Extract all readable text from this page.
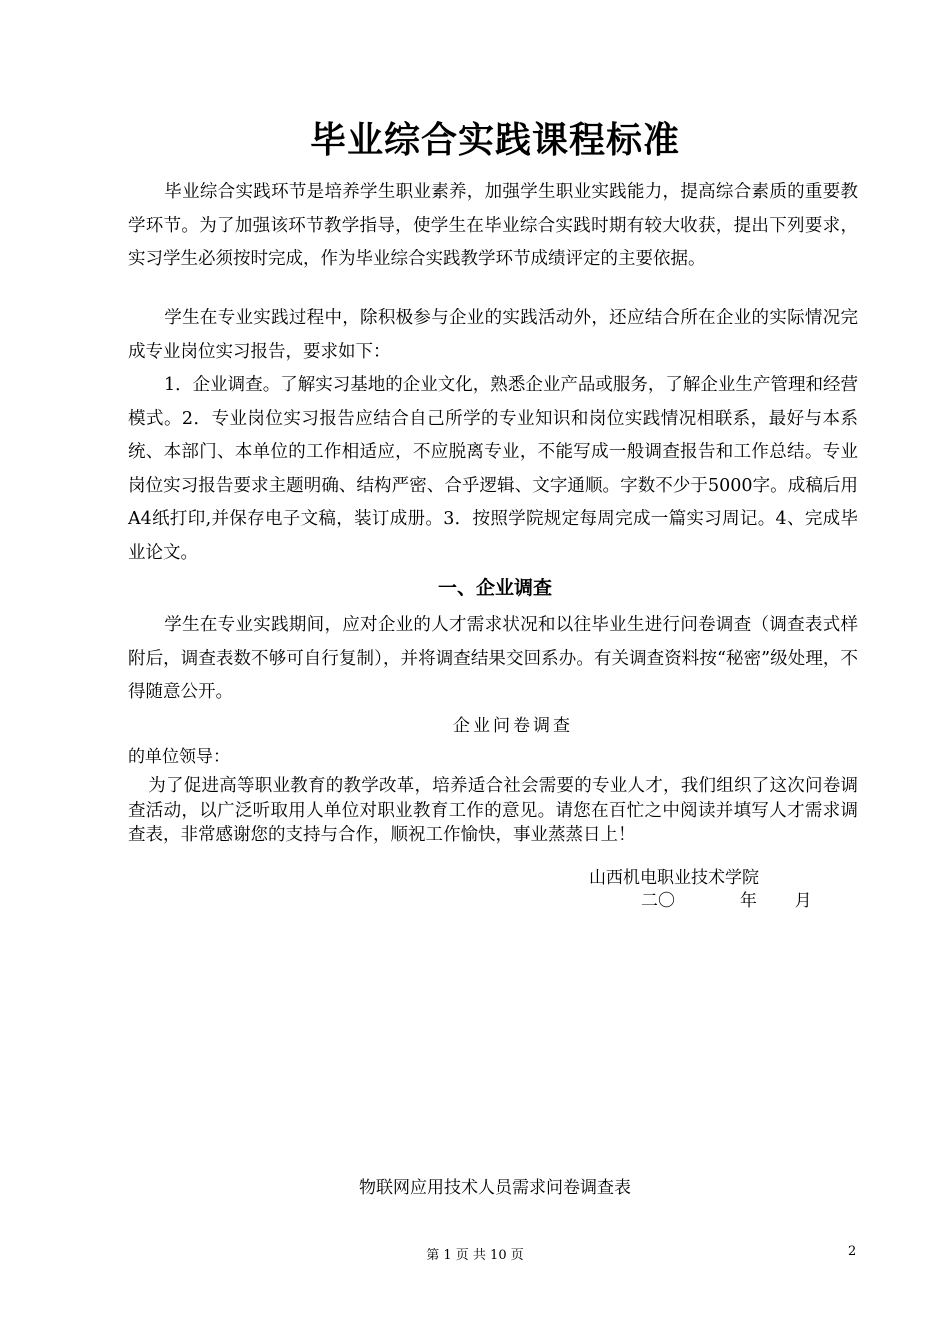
毕业综合实践课程标准
毕业综合实践环节是培养学生职业素养，加强学生职业实践能力，提高综合素质的重要教学环节。为了加强该环节教学指导，使学生在毕业综合实践时期有较大收获，提出下列要求，实习学生必须按时完成，作为毕业综合实践教学环节成绩评定的主要依据。
学生在专业实践过程中，除积极参与企业的实践活动外，还应结合所在企业的实际情况完成专业岗位实习报告，要求如下：
1．企业调查。了解实习基地的企业文化，熟悉企业产品或服务，了解企业生产管理和经营模式。2．专业岗位实习报告应结合自己所学的专业知识和岗位实践情况相联系，最好与本系统、本部门、本单位的工作相适应，不应脱离专业，不能写成一般调查报告和工作总结。专业岗位实习报告要求主题明确、结构严密、合乎逻辑、文字通顺。字数不少于5000字。成稿后用A4纸打印,并保存电子文稿，装订成册。3．按照学院规定每周完成一篇实习周记。4、完成毕业论文。
一、企业调查
学生在专业实践期间，应对企业的人才需求状况和以往毕业生进行问卷调查（调查表式样附后，调查表数不够可自行复制），并将调查结果交回系办。有关调查资料按“秘密”级处理，不得随意公开。
企业问卷调查
的单位领导：
为了促进高等职业教育的教学改革，培养适合社会需要的专业人才，我们组织了这次问卷调查活动，以广泛听取用人单位对职业教育工作的意见。请您在百忙之中阅读并填写人才需求调查表，非常感谢您的支持与合作，顺祝工作愉快，事业蒸蒸日上！
山西机电职业技术学院
二〇            年       月
物联网应用技术人员需求问卷调查表
第 1 页 共 10 页	2
